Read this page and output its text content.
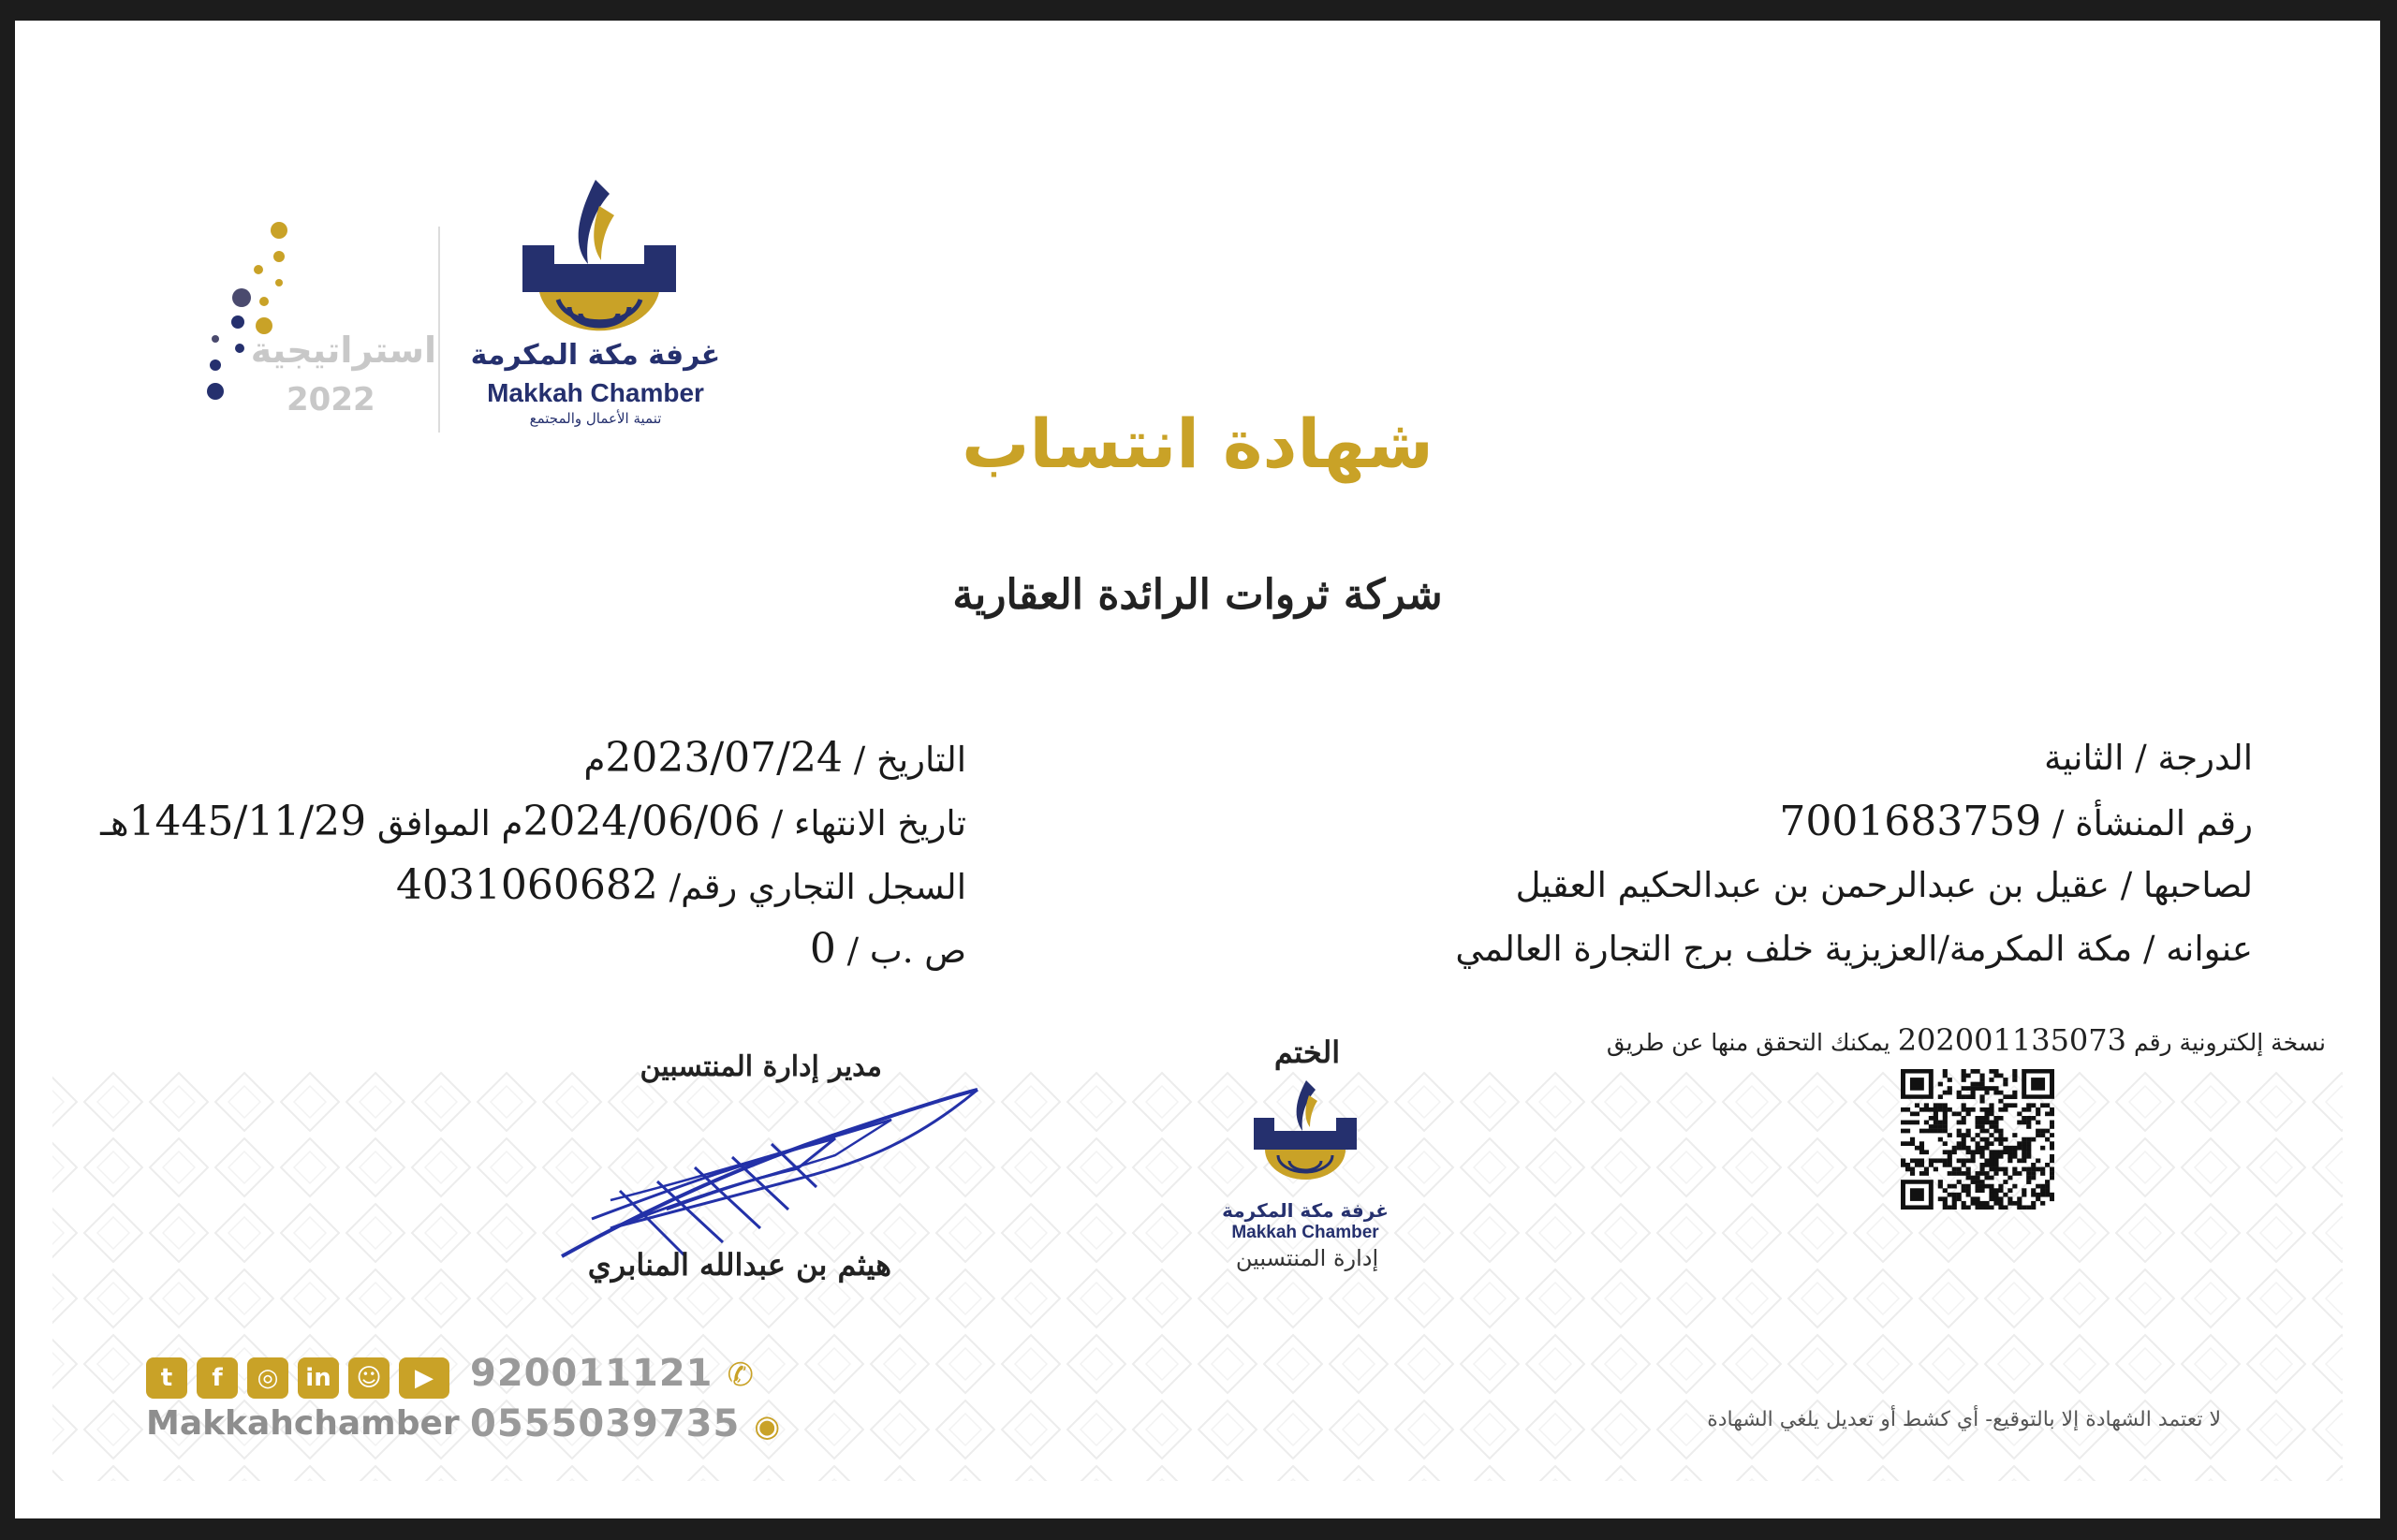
غرفة مكة المكرمة
Makkah Chamber
تنمية الأعمال والمجتمع
استراتيجية
2022
شهادة انتساب
شركة ثروات الرائدة العقارية
الدرجة / الثانية
رقم المنشأة / 7001683759
لصاحبها / عقيل بن عبدالرحمن بن عبدالحكيم العقيل
عنوانه / مكة المكرمة/العزيزية خلف برج التجارة العالمي
التاريخ / 2023/07/24م
تاريخ الانتهاء / 2024/06/06م الموافق 1445/11/29هـ
السجل التجاري رقم/ 4031060682
ص .ب / 0
نسخة إلكترونية رقم 202001135073 يمكنك التحقق منها عن طريق
الختم
غرفة مكة المكرمة
Makkah Chamber
إدارة المنتسبين
مدير إدارة المنتسبين
هيثم بن عبدالله المنابري
لا تعتمد الشهادة إلا بالتوقيع- أي كشط أو تعديل يلغي الشهادة
t	f	◎	in	☺	▶
Makkahchamber
920011121 ✆
0555039735 ◉
